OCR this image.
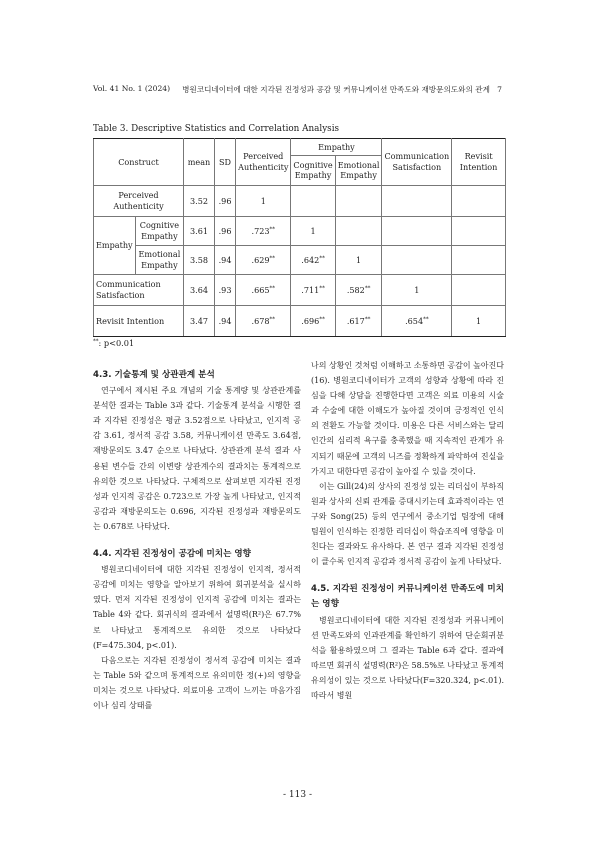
Vol. 41 No. 1 (2024) 병원코디네이터에 대한 지각된 진정성과 공감 및 커뮤니케이션 만족도와 재방문의도와의 관계 7
Table 3. Descriptive Statistics and Correlation Analysis
Construct		mean	SD	Perceived Authenticity	Empathy		Communication Satisfaction	Revisit Intention
					Cognitive Empathy	Emotional Empathy		
Perceived Authenticity		3.52	.96	1				
Empathy	Cognitive Empathy	3.61	.96	.723**	1			
	Emotional Empathy	3.58	.94	.629**	.642**	1		
Communication Satisfaction		3.64	.93	.665**	.711**	.582**	1	
Revisit Intention		3.47	.94	.678**	.696**	.617**	.654**	1
**: p<0.01
4.3. 기술통계 및 상관관계 분석

연구에서 제시된 주요 개념의 기술 통계량 및 상관관계를 분석한 결과는 Table 3과 같다. 기술통계 분석을 시행한 결과 지각된 진정성은 평균 3.52점으로 나타났고, 인지적 공감 3.61, 정서적 공감 3.58, 커뮤니케이션 만족도 3.64점, 재방문의도 3.47 순으로 나타났다. 상관관계 분석 결과 사용된 변수들 간의 이변량 상관계수의 결과치는 통계적으로 유의한 것으로 나타났다. 구체적으로 살펴보면 지각된 진정성과 인지적 공감은 0.723으로 가장 높게 나타났고, 인지적 공감과 재방문의도는 0.696, 지각된 진정성과 재방문의도는 0.678로 나타났다.

4.4. 지각된 진정성이 공감에 미치는 영향

병원코디네이터에 대한 지각된 진정성이 인지적, 정서적 공감에 미치는 영향을 알아보기 위하여 회귀분석을 실시하였다. 먼저 지각된 진정성이 인지적 공감에 미치는 결과는 Table 4와 같다. 회귀식의 결과에서 설명력(R²)은 67.7%로 나타났고 통계적으로 유의한 것으로 나타났다(F=475.304, p<.01).

다음으로는 지각된 진정성이 정서적 공감에 미치는 결과는 Table 5와 같으며 통계적으로 유의미한 정(+)의 영향을 미치는 것으로 나타났다. 의료미용 고객이 느끼는 마음가짐이나 심리 상태를

나의 상황인 것처럼 이해하고 소통하면 공감이 높아진다(16). 병원코디네이터가 고객의 성향과 상황에 따라 진심을 다해 상담을 진행한다면 고객은 의료 미용의 시술과 수술에 대한 이해도가 높아질 것이며 긍정적인 인식의 전환도 가능할 것이다. 미용은 다른 서비스와는 달리 인간의 심리적 욕구를 충족했을 때 지속적인 관계가 유지되기 때문에 고객의 니즈를 정확하게 파악하여 진실을 가지고 대한다면 공감이 높아질 수 있을 것이다.

이는 Gill(24)의 상사의 진정성 있는 리더십이 부하직원과 상사의 신뢰 관계를 증대시키는데 효과적이라는 연구와 Song(25) 등의 연구에서 중소기업 팀장에 대해 팀원이 인식하는 진정한 리더십이 학습조직에 영향을 미친다는 결과와도 유사하다. 본 연구 결과 지각된 진정성이 클수록 인지적 공감과 정서적 공감이 높게 나타났다.

4.5. 지각된 진정성이 커뮤니케이션 만족도에 미치는 영향

병원코디네이터에 대한 지각된 진정성과 커뮤니케이션 만족도와의 인과관계를 확인하기 위하여 단순회귀분석을 활용하였으며 그 결과는 Table 6과 같다. 결과에 따르면 회귀식 설명력(R²)은 58.5%로 나타났고 통계적 유의성이 있는 것으로 나타났다(F=320.324, p<.01). 따라서 병원

- 113 -
